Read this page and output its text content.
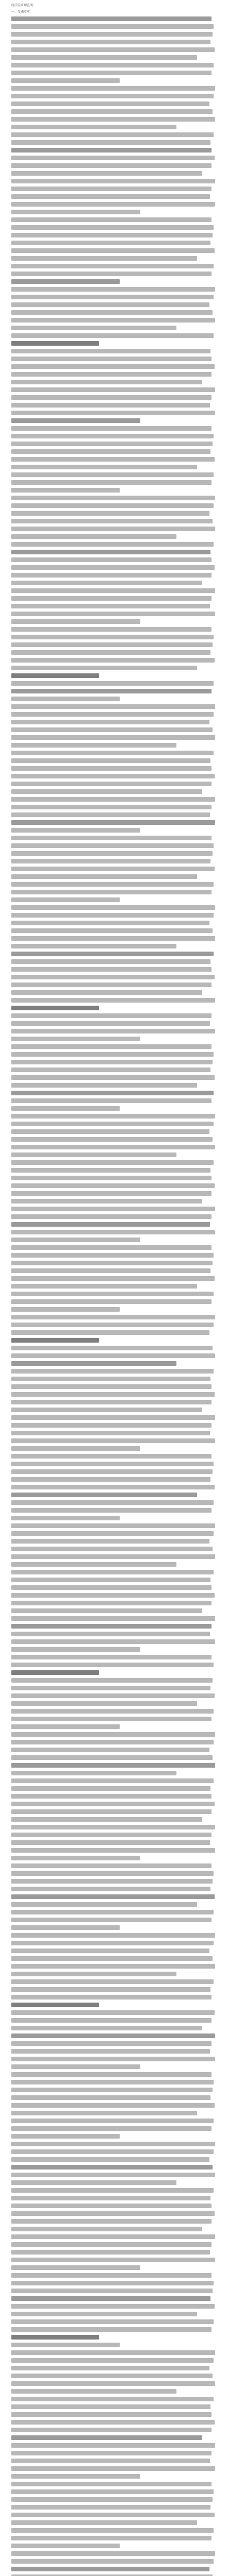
经法院审理查明：
一、受贿事实
